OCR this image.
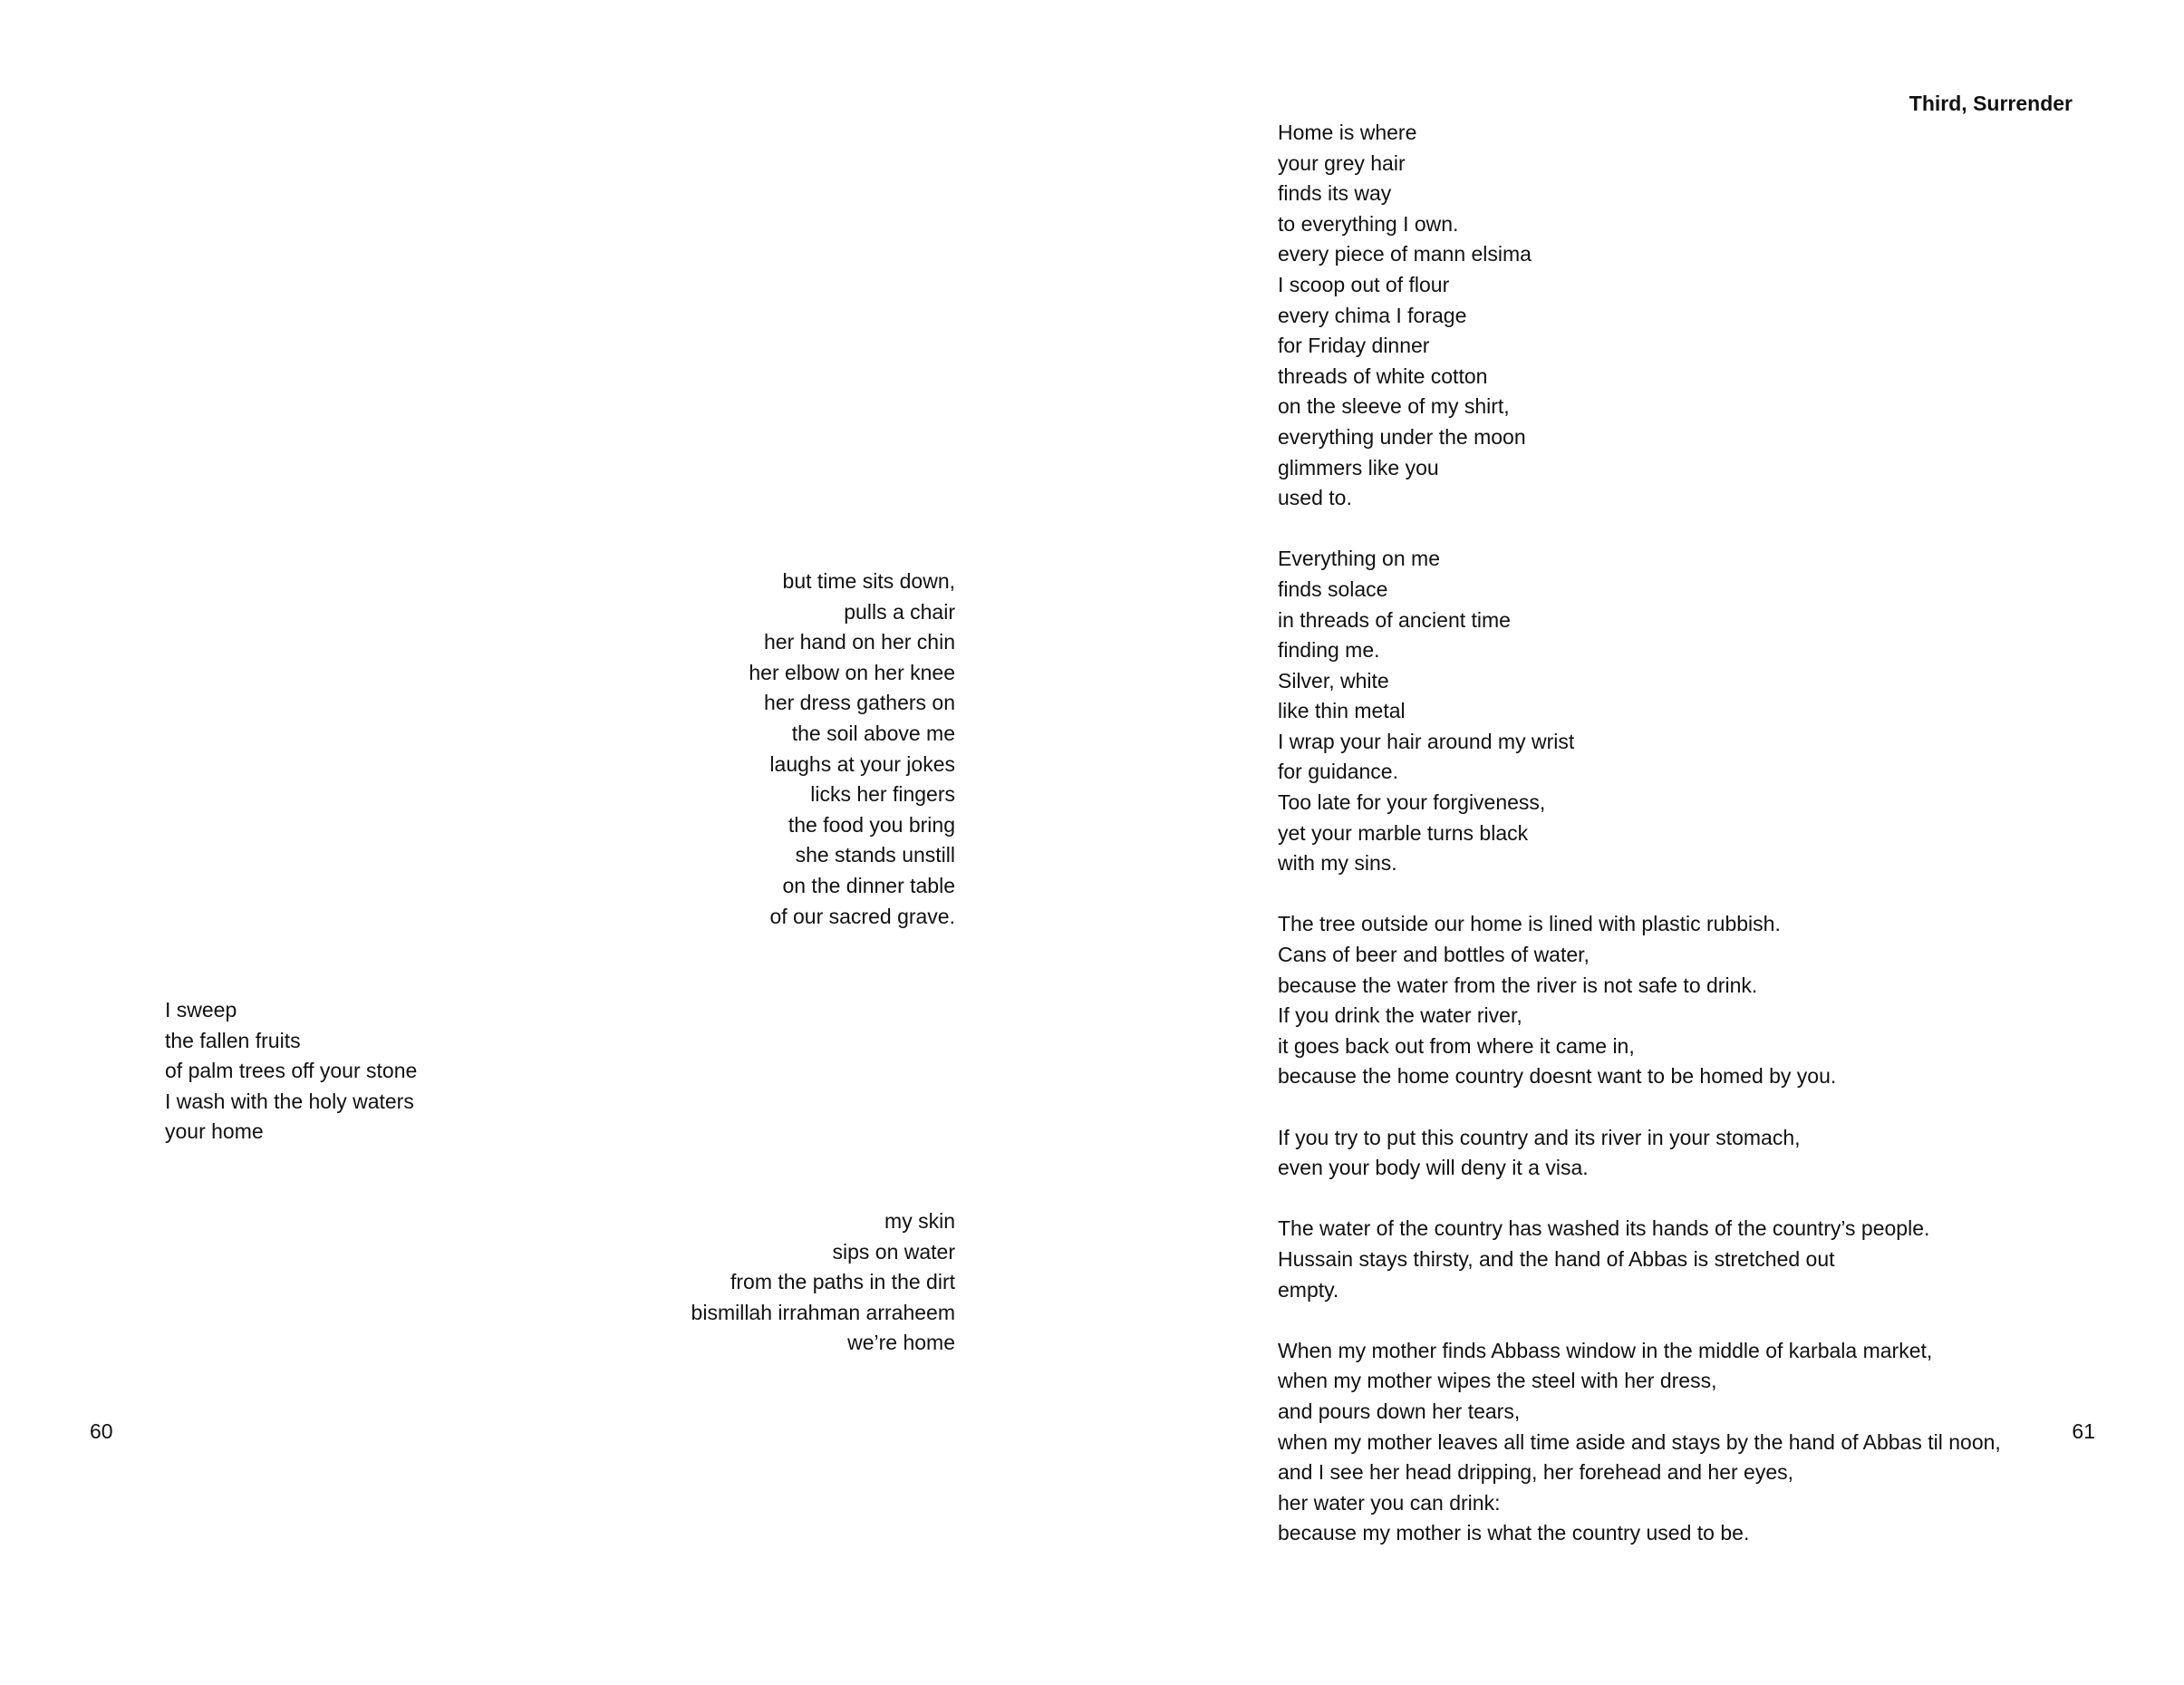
but time sits down,
pulls a chair
her hand on her chin
her elbow on her knee
her dress gathers on
the soil above me
laughs at your jokes
licks her fingers
the food you bring
she stands unstill
on the dinner table
of our sacred grave.
I sweep
the fallen fruits
of palm trees off your stone
I wash with the holy waters
your home
my skin
sips on water
from the paths in the dirt
bismillah irrahman arraheem
we’re home
60
Third, Surrender
Home is where
your grey hair
finds its way
to everything I own.
every piece of mann elsima
I scoop out of flour
every chima I forage
for Friday dinner
threads of white cotton
on the sleeve of my shirt,
everything under the moon
glimmers like you
used to.
Everything on me
finds solace
in threads of ancient time
finding me.
Silver, white
like thin metal
I wrap your hair around my wrist
for guidance.
Too late for your forgiveness,
yet your marble turns black
with my sins.
The tree outside our home is lined with plastic rubbish.
Cans of beer and bottles of water,
because the water from the river is not safe to drink.
If you drink the water river,
it goes back out from where it came in,
because the home country doesnt want to be homed by you.
If you try to put this country and its river in your stomach,
even your body will deny it a visa.
The water of the country has washed its hands of the country’s people.
Hussain stays thirsty, and the hand of Abbas is stretched out
empty.
When my mother finds Abbass window in the middle of karbala market,
when my mother wipes the steel with her dress,
and pours down her tears,
when my mother leaves all time aside and stays by the hand of Abbas til noon,
and I see her head dripping, her forehead and her eyes,
her water you can drink:
because my mother is what the country used to be.
61
